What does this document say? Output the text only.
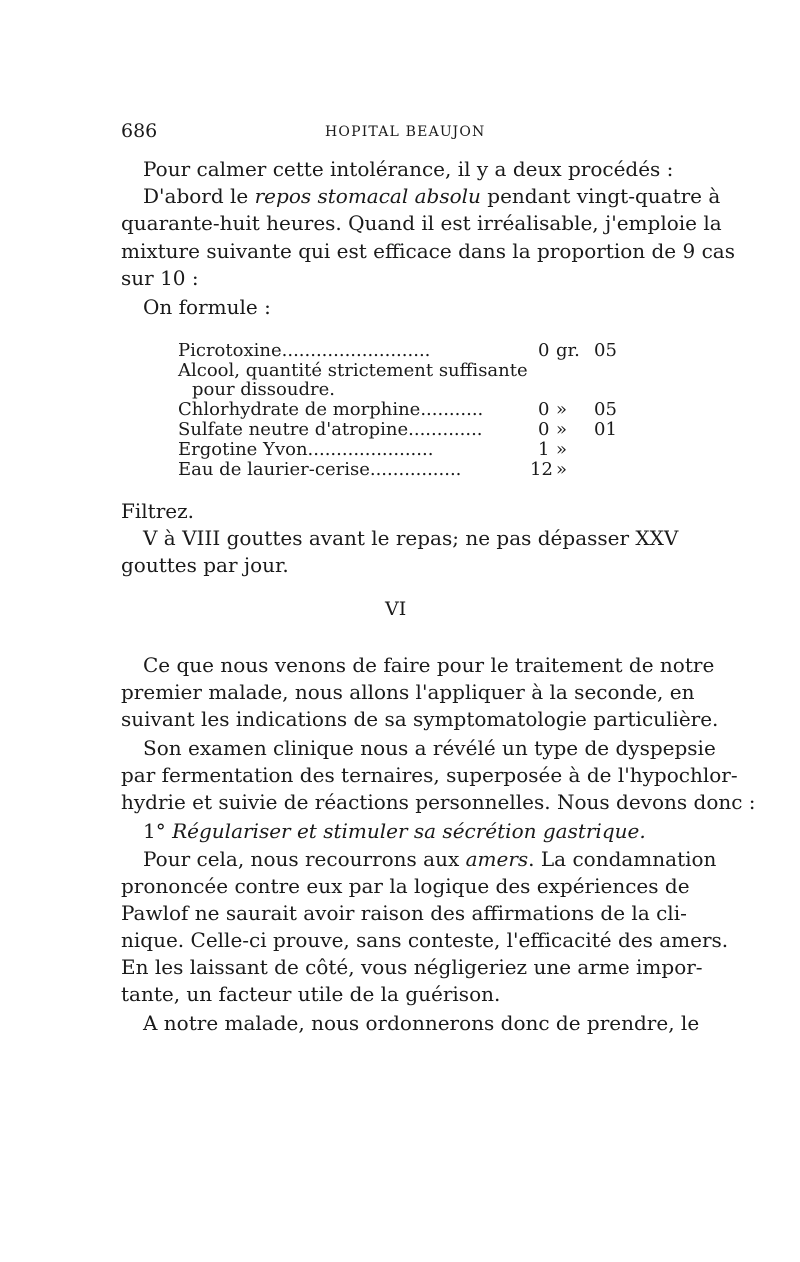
686	HOPITAL BEAUJON
Pour calmer cette intolérance, il y a deux procédés :
D'abord le repos stomacal absolu pendant vingt-quatre à
quarante-huit heures. Quand il est irréalisable, j'emploie la
mixture suivante qui est efficace dans la proportion de 9 cas
sur 10 :
On formule :
Picrotoxine..........................	0 gr. 05
Alcool, quantité strictement suffisante
pour dissoudre.
Chlorhydrate de morphine...........	0 » 05
Sulfate neutre d'atropine.............	0 » 01
Ergotine Yvon......................	1 »
Eau de laurier-cerise................	12 »
Filtrez.
V à VIII gouttes avant le repas; ne pas dépasser XXV
gouttes par jour.
VI
Ce que nous venons de faire pour le traitement de notre
premier malade, nous allons l'appliquer à la seconde, en
suivant les indications de sa symptomatologie particulière.
Son examen clinique nous a révélé un type de dyspepsie
par fermentation des ternaires, superposée à de l'hypochlor-
hydrie et suivie de réactions personnelles. Nous devons donc :
1° Régulariser et stimuler sa sécrétion gastrique.
Pour cela, nous recourrons aux amers. La condamnation
prononcée contre eux par la logique des expériences de
Pawlof ne saurait avoir raison des affirmations de la cli-
nique. Celle-ci prouve, sans conteste, l'efficacité des amers.
En les laissant de côté, vous négligeriez une arme impor-
tante, un facteur utile de la guérison.
A notre malade, nous ordonnerons donc de prendre, le
